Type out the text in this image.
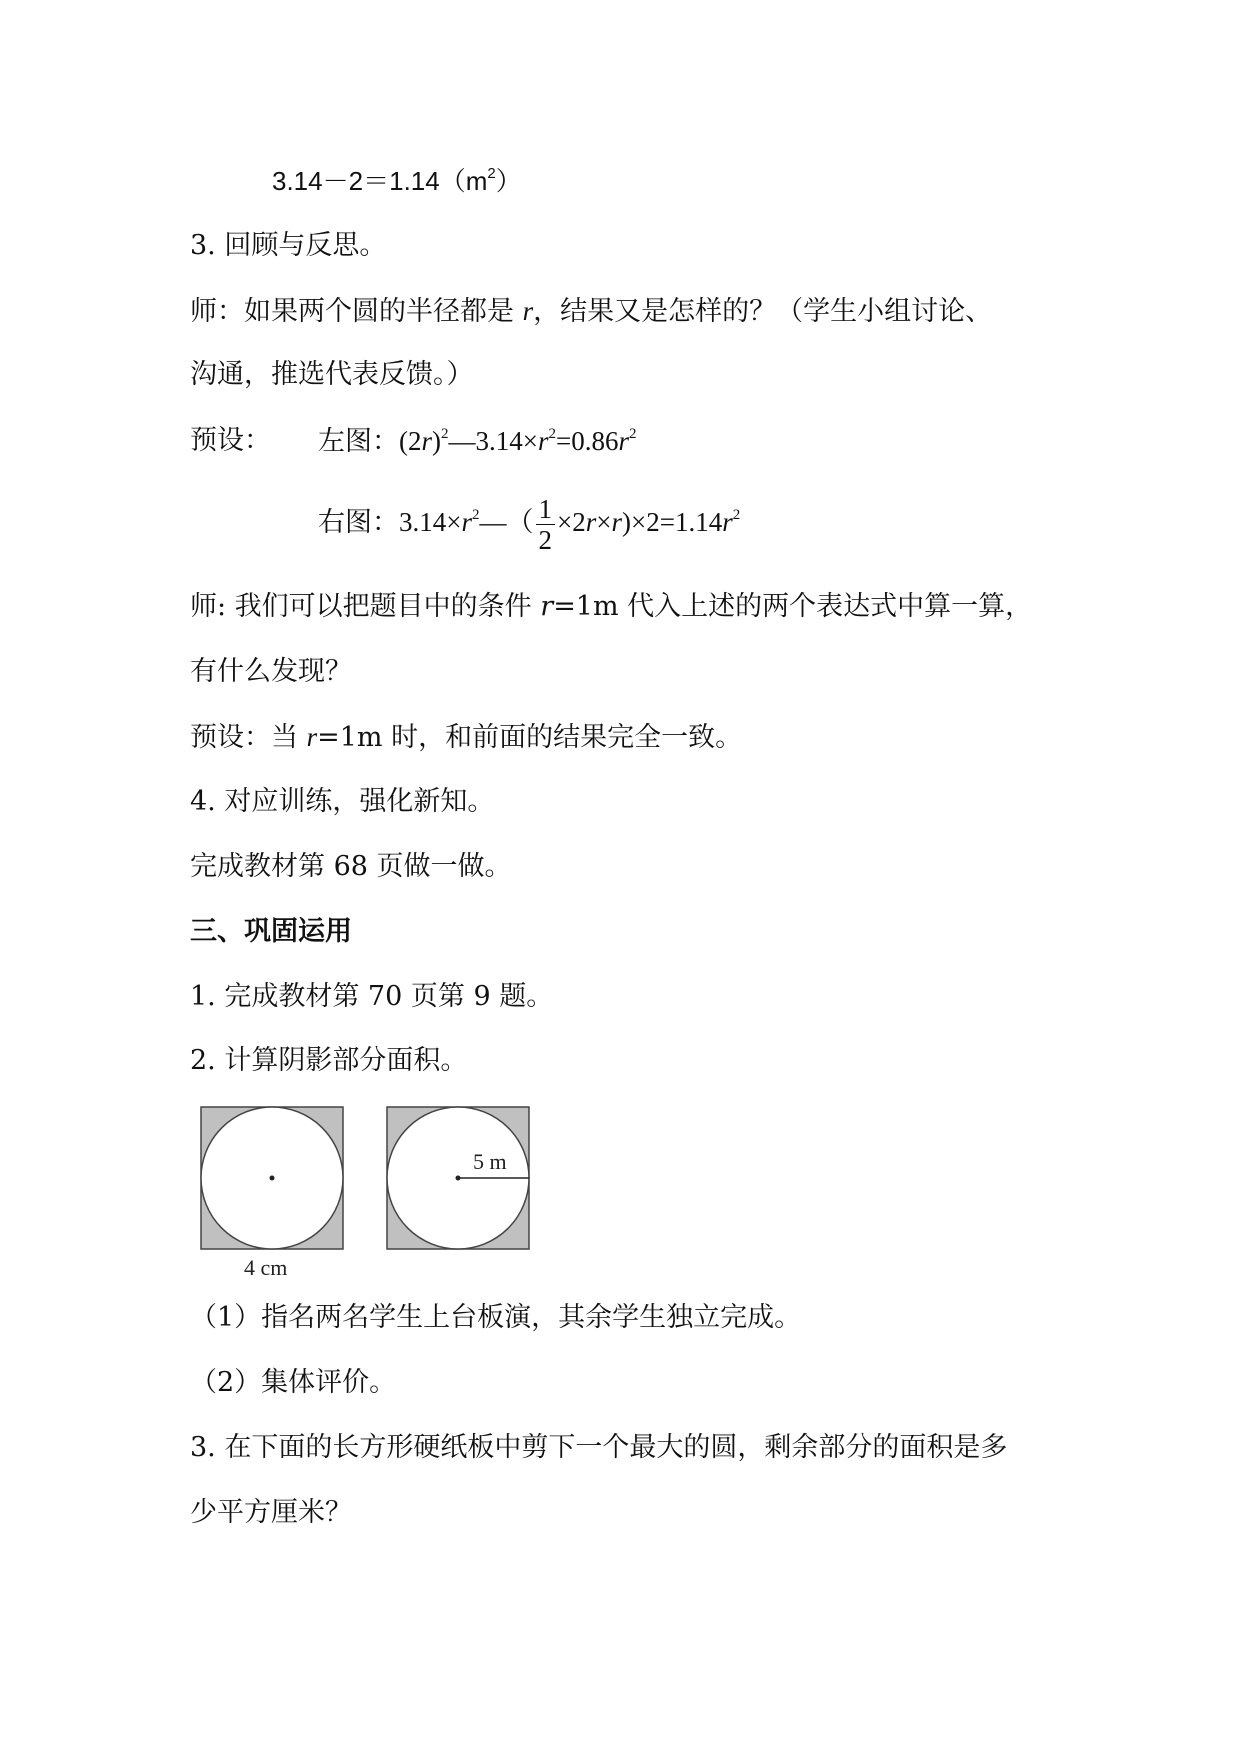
$3.14-2=1.14(m^2)$
3. 回顾与反思。
师：如果两个圆的半径都是 r，结果又是怎样的？（学生小组讨论、
沟通，推选代表反馈。）
预设： 左图：$(2r)^2—3.14\times r^2=0.86r^2$
右图：$3.14\times r^2—( \frac{1}{2} \times 2r\times r)\times 2=1.14r^2$
师: 我们可以把题目中的条件 r=1m 代入上述的两个表达式中算一算，
有什么发现？
预设：当 r=1m 时，和前面的结果完全一致。
4. 对应训练，强化新知。
完成教材第 68 页做一做。
三、巩固运用
1. 完成教材第 70 页第 9 题。
2. 计算阴影部分面积。
4 cm
5 m
（1）指名两名学生上台板演，其余学生独立完成。
（2）集体评价。
3. 在下面的长方形硬纸板中剪下一个最大的圆，剩余部分的面积是多
少平方厘米？
